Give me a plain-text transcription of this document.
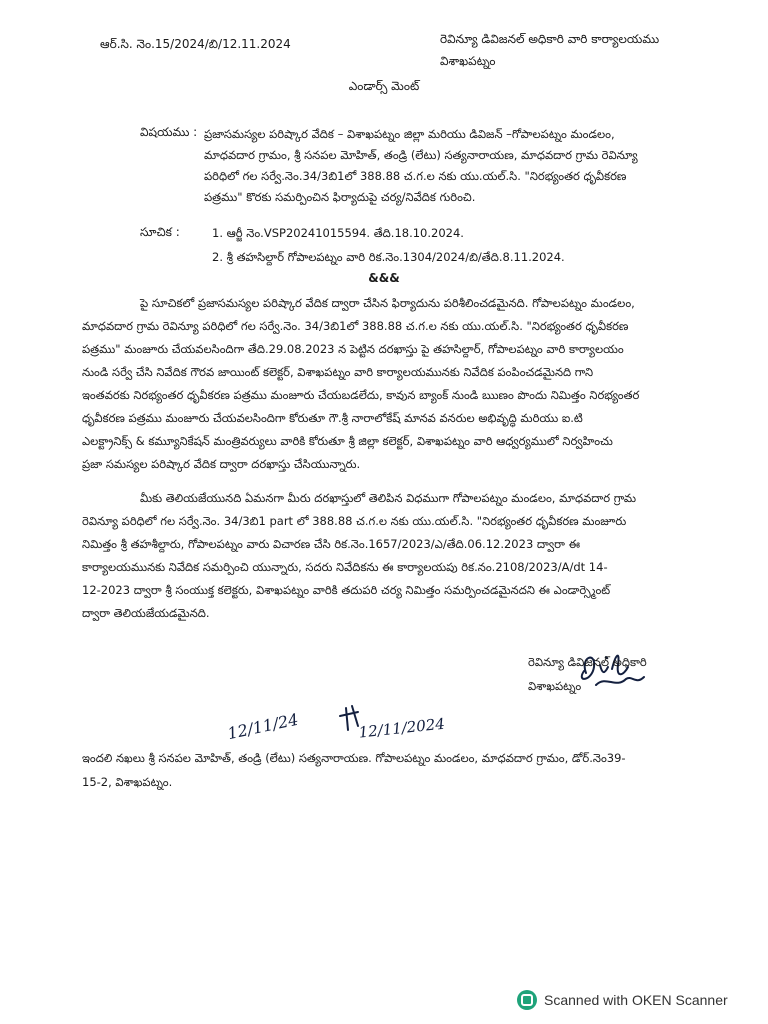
ఆర్.సి. నెం.15/2024/బి/12.11.2024	రెవిన్యూ డివిజనల్ అధికారి వారి కార్యాలయము
విశాఖపట్నం
ఎండార్స్ మెంట్
విషయము : ప్రజాసమస్యల పరిష్కార వేదిక – విశాఖపట్నం జిల్లా మరియు డివిజన్ –గోపాలపట్నం మండలం,
మాధవదార గ్రామం, శ్రీ సనపల మోహిత్, తండ్రి (లేటు) సత్యనారాయణ, మాధవదార గ్రామ రెవిన్యూ
పరిధిలో గల సర్వే.నెం.34/3బి1లో 388.88 చ.గ.ల నకు యు.యల్.సి. "నిరభ్యంతర ధృవీకరణ
పత్రము" కొరకు సమర్పించిన ఫిర్యాదుపై చర్య/నివేదిక గురించి.
సూచిక :	1. ఆర్జీ నెం.VSP20241015594. తేది.18.10.2024.
2. శ్రీ తహసిల్దార్ గోపాలపట్నం వారి రిక.నెం.1304/2024/బి/తేది.8.11.2024.
&&&
పై సూచికలో ప్రజాసమస్యల పరిష్కార వేదిక ద్వారా చేసిన ఫిర్యాదును పరిశీలించడమైనది. గోపాలపట్నం మండలం,
మాధవదార గ్రామ రెవిన్యూ పరిధిలో గల సర్వే.నెం. 34/3బి1లో 388.88 చ.గ.ల నకు యు.యల్.సి. "నిరభ్యంతర ధృవీకరణ
పత్రము" మంజూరు చేయవలసిందిగా తేది.29.08.2023 న పెట్టిన దరఖాస్తు పై తహసిల్దార్, గోపాలపట్నం వారి కార్యాలయం
నుండి సర్వే చేసి నివేదిక గౌరవ జాయింట్ కలెక్టర్, విశాఖపట్నం వారి కార్యాలయమునకు నివేదిక పంపించడమైనది గాని
ఇంతవరకు నిరభ్యంతర ధృవీకరణ పత్రము మంజూరు చేయబడలేదు, కావున బ్యాంక్ నుండి ఋణం పొందు నిమిత్తం నిరభ్యంతర
ధృవీకరణ పత్రము మంజూరు చేయవలసిందిగా కోరుతూ గౌ.శ్రీ నారాలోకేష్ మానవ వనరుల అభివృద్ధి మరియు ఐ.టి
ఎలక్ట్రానిక్స్ & కమ్యూనికేషన్ మంత్రివర్యులు వారికి కోరుతూ శ్రీ జిల్లా కలెక్టర్, విశాఖపట్నం వారి ఆధ్వర్యములో నిర్వహించు
ప్రజా సమస్యల పరిష్కార వేదిక ద్వారా దరఖాస్తు చేసియున్నారు.
మీకు తెలియజేయునది ఏమనగా మీరు దరఖాస్తులో తెలిపిన విధముగా గోపాలపట్నం మండలం, మాధవదార గ్రామ
రెవిన్యూ పరిధిలో గల సర్వే.నెం. 34/3బి1 part లో 388.88 చ.గ.ల నకు యు.యల్.సి. "నిరభ్యంతర ధృవీకరణ మంజూరు
నిమిత్తం శ్రీ తహశీల్దారు, గోపాలపట్నం వారు విచారణ చేసి రిక.నెం.1657/2023/ఎ/తేది.06.12.2023 ద్వారా ఈ
కార్యాలయమునకు నివేదిక సమర్పించి యున్నారు, సదరు నివేదికను ఈ కార్యాలయపు రిక.నం.2108/2023/A/dt 14-
12-2023 ద్వారా శ్రీ సంయుక్త కలెక్టరు, విశాఖపట్నం వారికి తదుపరి చర్య నిమిత్తం సమర్పించడమైనదని ఈ ఎండార్స్మెంట్
ద్వారా తెలియజేయడమైనది.
రెవిన్యూ డివిజనల్ అధికారి
విశాఖపట్నం
12/11/24	12/11/2024
ఇందలి నఖలు శ్రీ సనపల మోహిత్, తండ్రి (లేటు) సత్యనారాయణ. గోపాలపట్నం మండలం, మాధవదార గ్రామం, డోర్.నెం39-
15-2, విశాఖపట్నం.
Scanned with OKEN Scanner
